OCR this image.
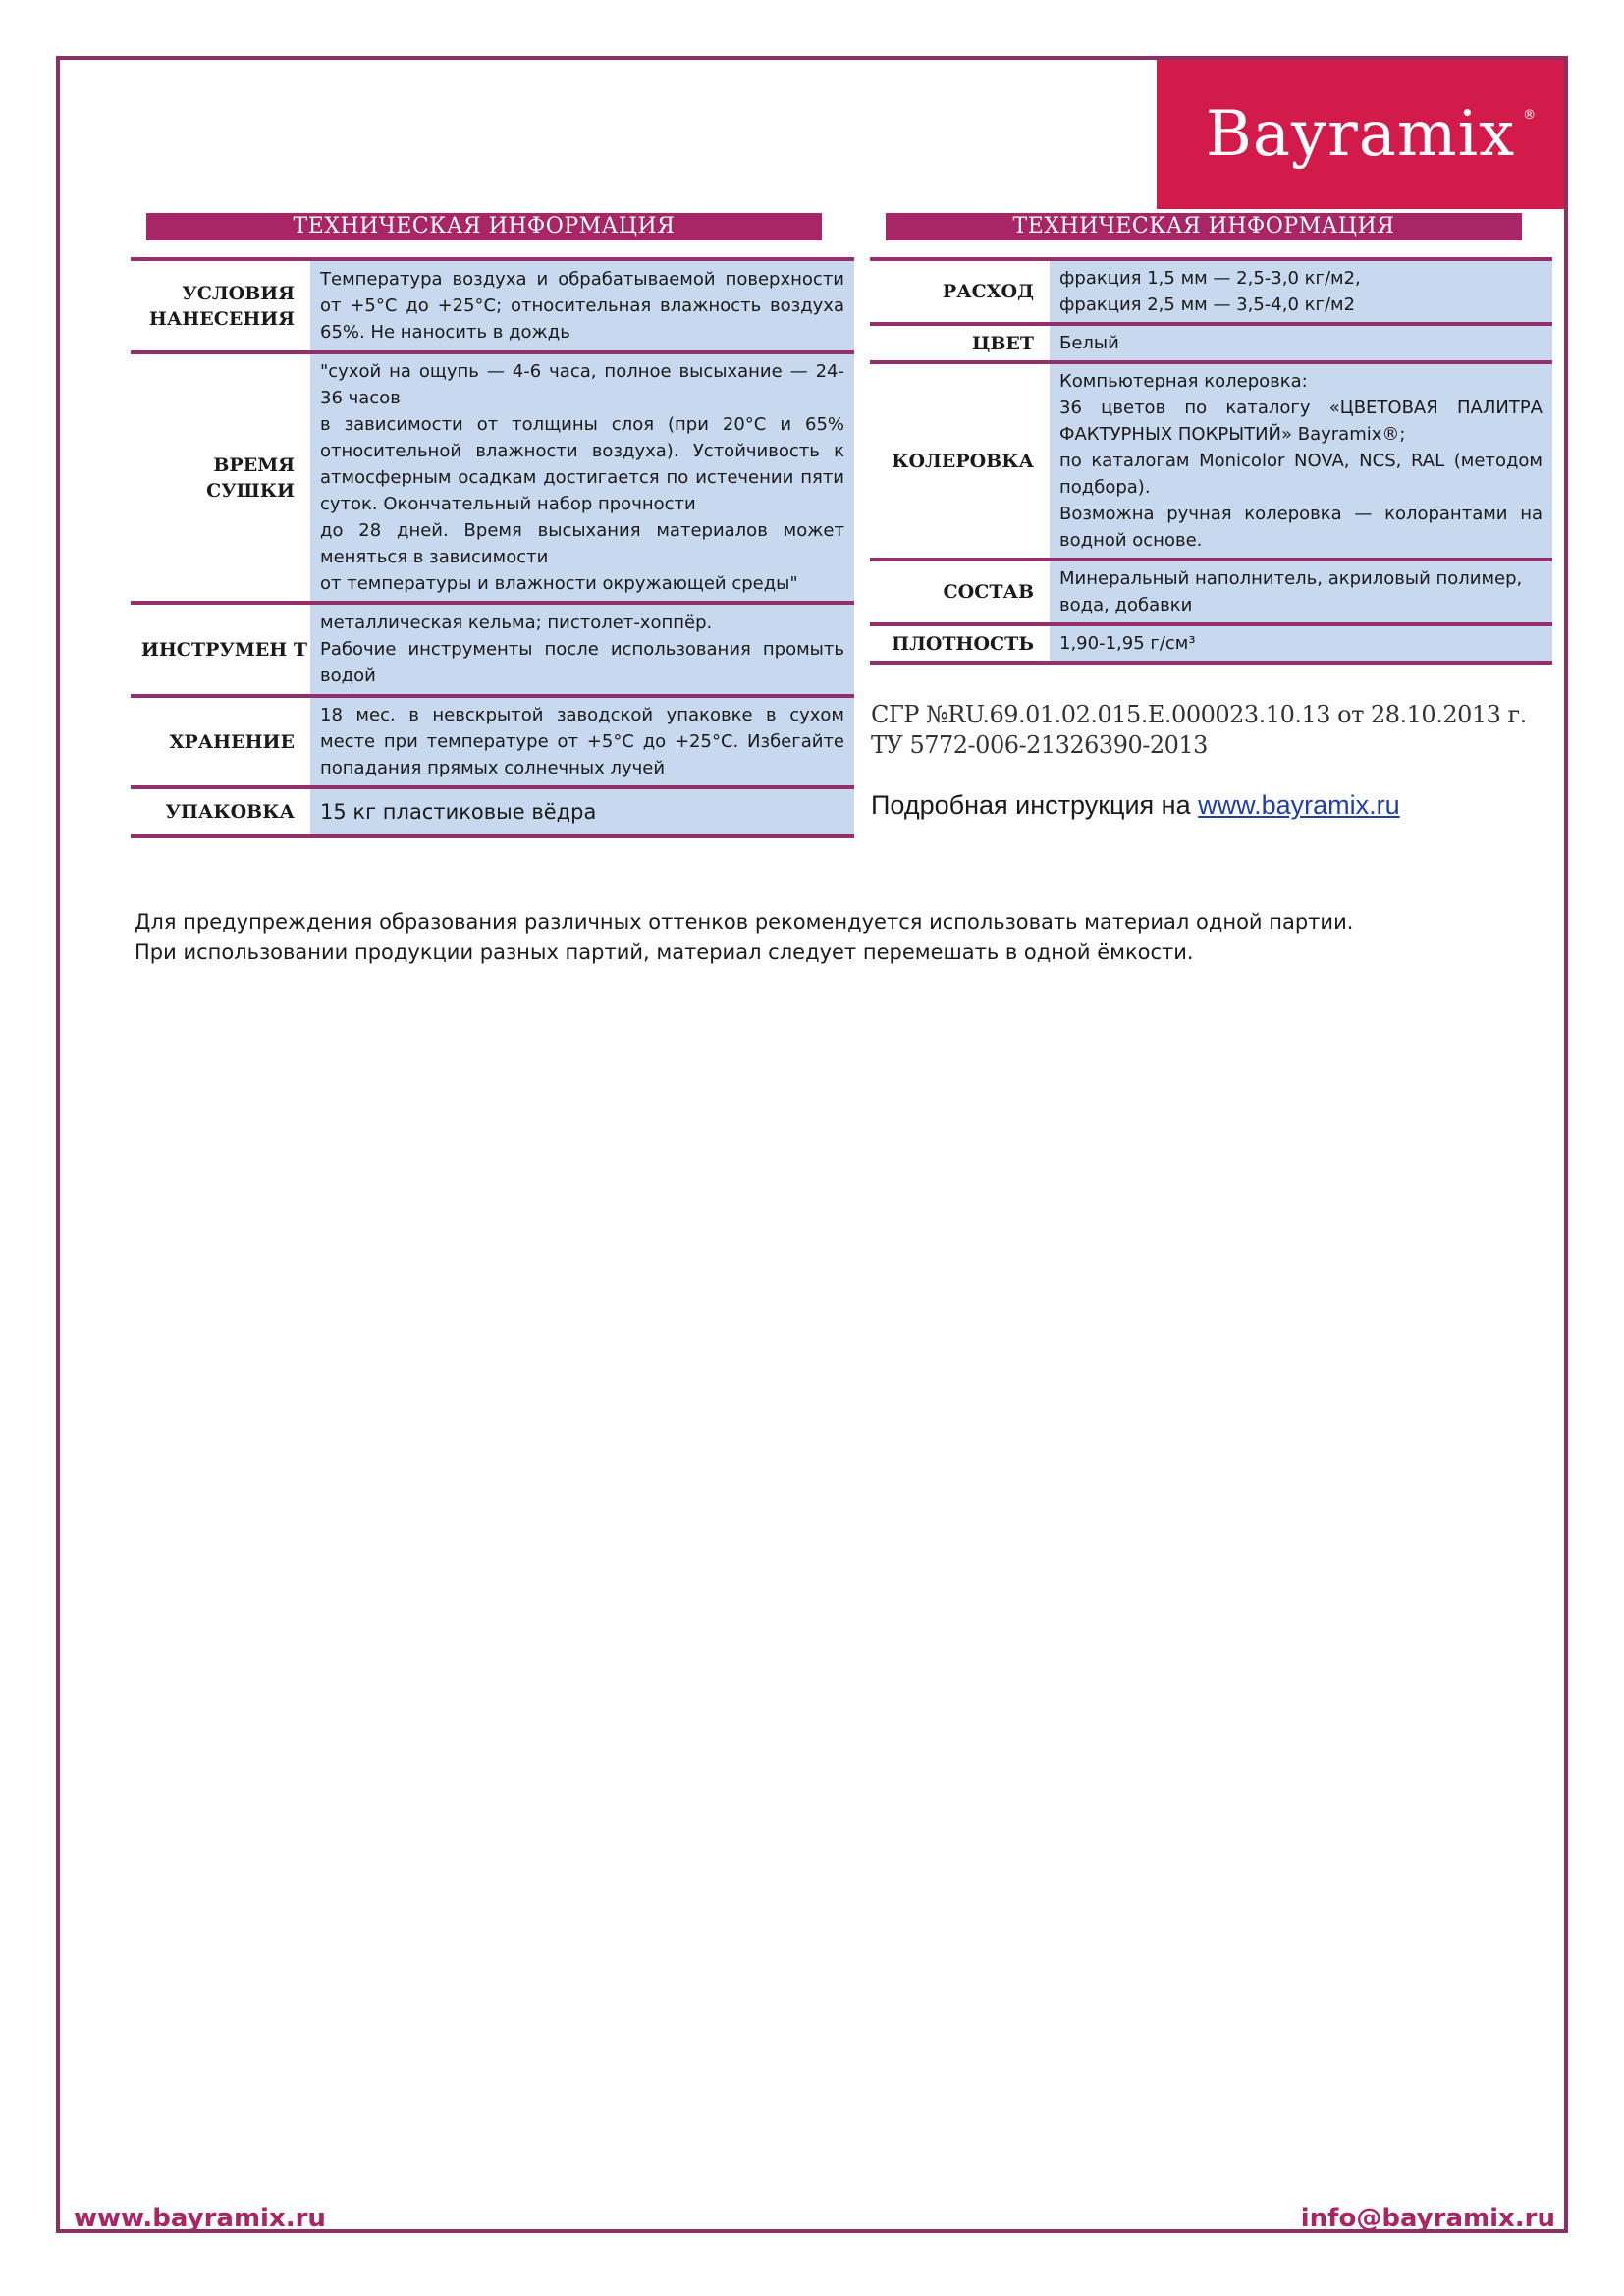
Bayramix ®
ТЕХНИЧЕСКАЯ ИНФОРМАЦИЯ
УСЛОВИЯ НАНЕСЕНИЯ	Температура воздуха и обрабатываемой поверхности от +5°С до +25°С; относительная влажность воздуха 65%. Не наносить в дождь
ВРЕМЯ СУШКИ	"сухой на ощупь — 4-6 часа, полное высыхание — 24-36 часов
в зависимости от толщины слоя (при 20°С и 65% относительной влажности воздуха). Устойчивость к атмосферным осадкам достигается по истечении пяти суток. Окончательный набор прочности
до 28 дней. Время высыхания материалов может меняться в зависимости
от температуры и влажности окружающей среды"
ИНСТРУМЕН Т	металлическая кельма; пистолет-хоппёр.
Рабочие инструменты после использования промыть водой
ХРАНЕНИЕ	18 мес. в невскрытой заводской упаковке в сухом месте при температуре от +5°С до +25°С. Избегайте попадания прямых солнечных лучей
УПАКОВКА	15 кг пластиковые вёдра
ТЕХНИЧЕСКАЯ ИНФОРМАЦИЯ
РАСХОД	фракция 1,5 мм — 2,5-3,0 кг/м2,
фракция 2,5 мм — 3,5-4,0 кг/м2
ЦВЕТ	Белый
КОЛЕРОВКА	Компьютерная колеровка:
36 цветов по каталогу «ЦВЕТОВАЯ ПАЛИТРА ФАКТУРНЫХ ПОКРЫТИЙ» Bayramix®;
по каталогам Monicolor NOVA, NCS, RAL (методом подбора).
Возможна ручная колеровка — колорантами на водной основе.
СОСТАВ	Минеральный наполнитель, акриловый полимер, вода, добавки
ПЛОТНОСТЬ	1,90-1,95 г/см³
СГР №RU.69.01.02.015.Е.000023.10.13 от 28.10.2013 г.
ТУ 5772-006-21326390-2013
Подробная инструкция на www.bayramix.ru
Для предупреждения образования различных оттенков рекомендуется использовать материал одной партии.
При использовании продукции разных партий, материал следует перемешать в одной ёмкости.
www.bayramix.ru	info@bayramix.ru
